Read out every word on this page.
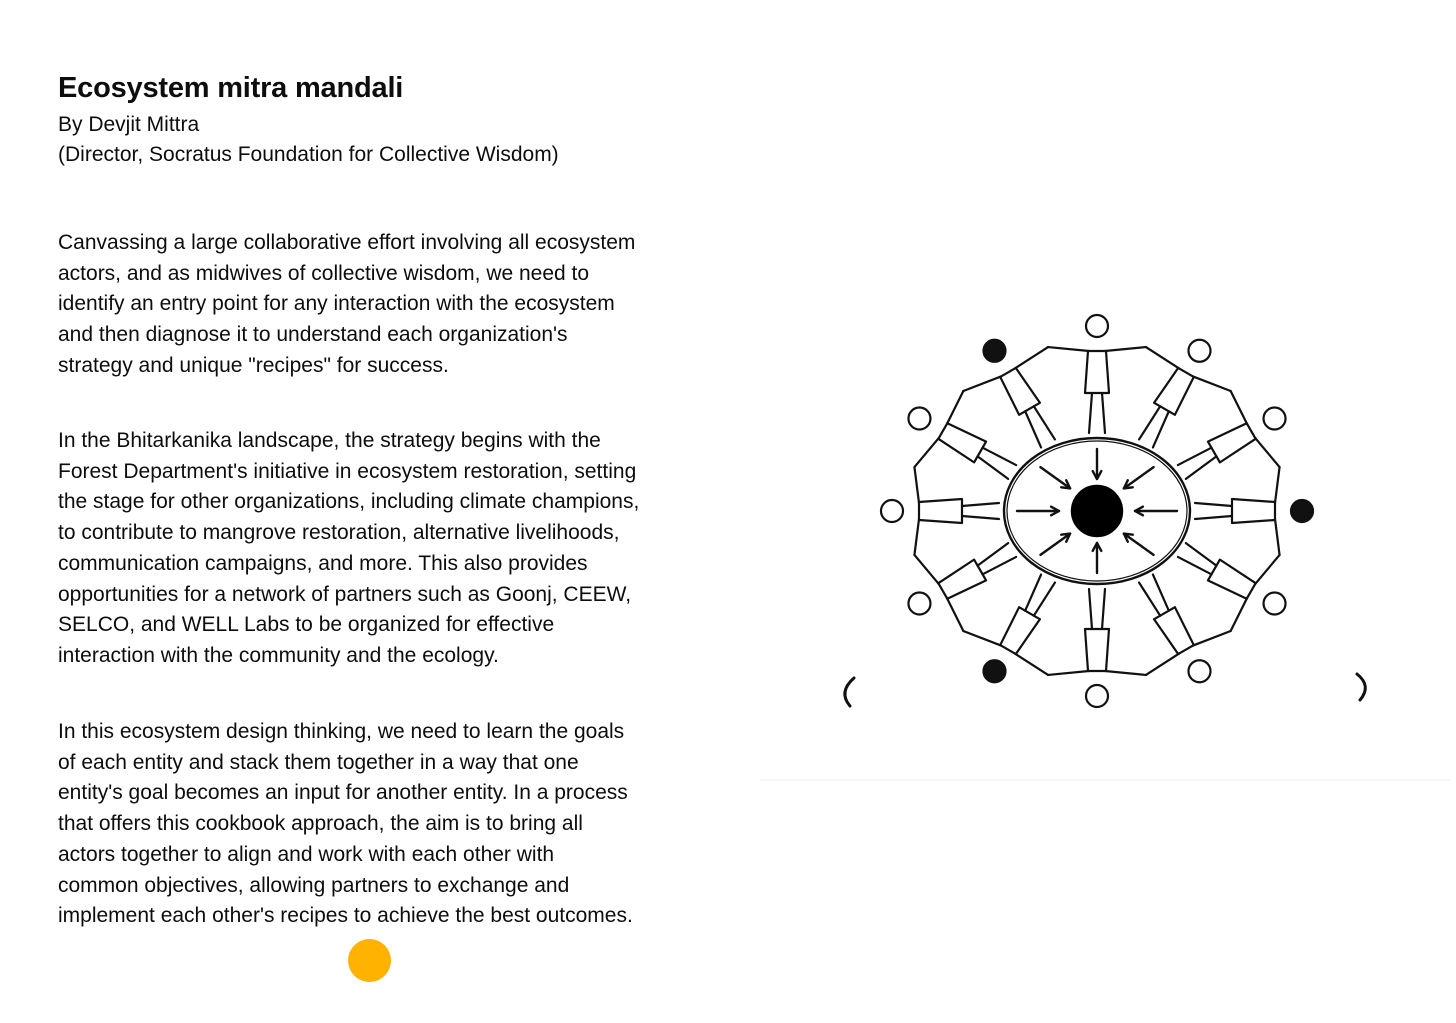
Ecosystem mitra mandali

By Devjit Mittra

(Director, Socratus Foundation for Collective Wisdom)

Canvassing a large collaborative effort involving all ecosystem
actors, and as midwives of collective wisdom, we need to
identify an entry point for any interaction with the ecosystem
and then diagnose it to understand each organization's
strategy and unique "recipes" for success.

In the Bhitarkanika landscape, the strategy begins with the
Forest Department's initiative in ecosystem restoration, setting
the stage for other organizations, including climate champions,
to contribute to mangrove restoration, alternative livelihoods,
communication campaigns, and more. This also provides
opportunities for a network of partners such as Goonj, CEEW,
SELCO, and WELL Labs to be organized for effective
interaction with the community and the ecology.

In this ecosystem design thinking, we need to learn the goals
of each entity and stack them together in a way that one
entity's goal becomes an input for another entity. In a process
that offers this cookbook approach, the aim is to bring all
actors together to align and work with each other with
common objectives, allowing partners to exchange and
implement each other's recipes to achieve the best outcomes.
